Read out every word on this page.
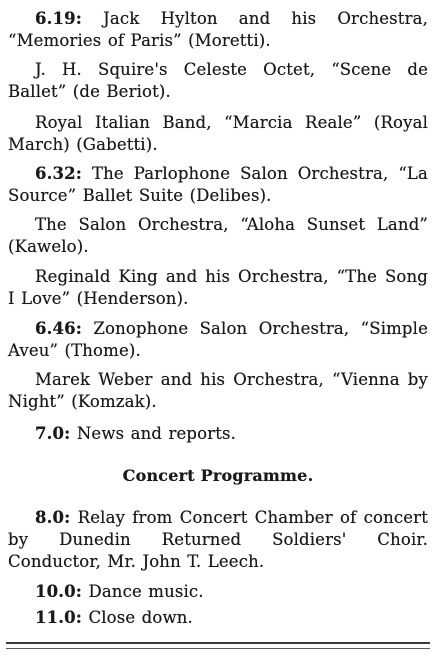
6.19: Jack Hylton and his Orchestra, “Memories of Paris” (Moretti).

J. H. Squire's Celeste Octet, “Scene de Ballet” (de Beriot).

Royal Italian Band, “Marcia Reale” (Royal March) (Gabetti).

6.32: The Parlophone Salon Orchestra, “La Source” Ballet Suite (Delibes).

The Salon Orchestra, “Aloha Sunset Land” (Kawelo).

Reginald King and his Orchestra, “The Song I Love” (Henderson).

6.46: Zonophone Salon Orchestra, “Simple Aveu” (Thome).

Marek Weber and his Orchestra, “Vienna by Night” (Komzak).

7.0: News and reports.

Concert Programme.

8.0: Relay from Concert Chamber of concert by Dunedin Returned Soldiers' Choir. Conductor, Mr. John T. Leech.

10.0: Dance music.

11.0: Close down.
